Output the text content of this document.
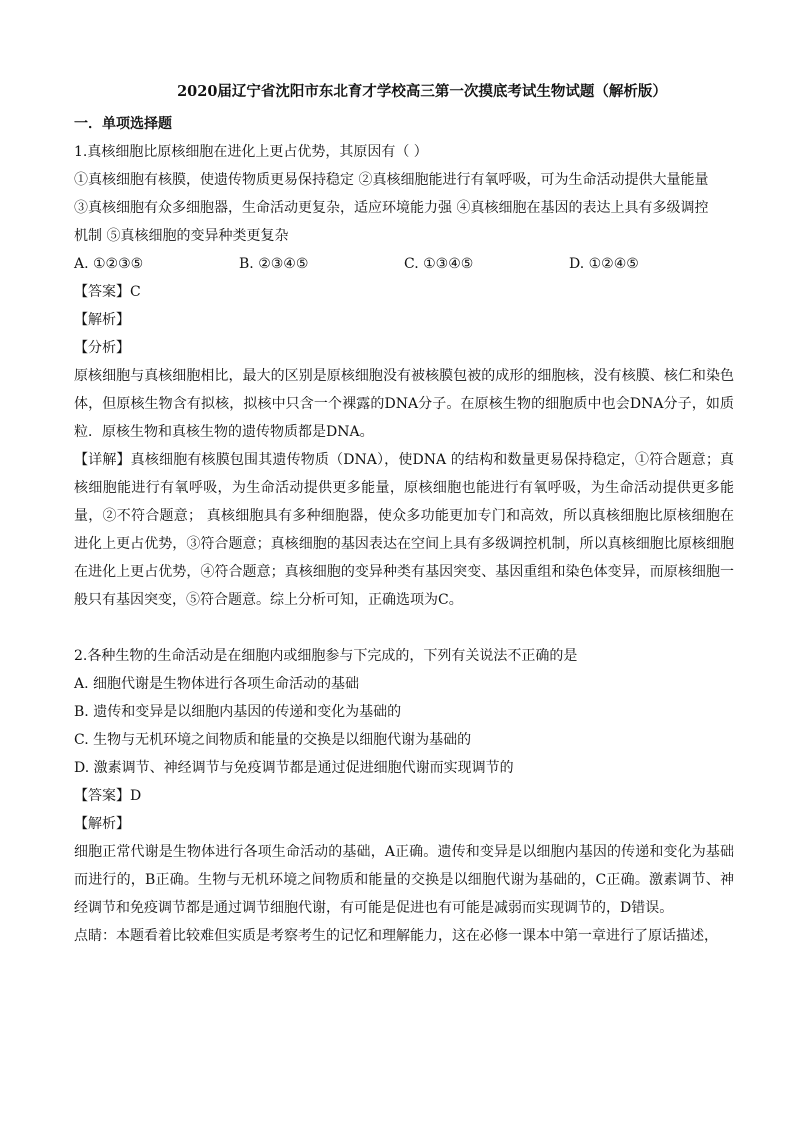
2020届辽宁省沈阳市东北育才学校高三第一次摸底考试生物试题（解析版）
一．单项选择题
1.真核细胞比原核细胞在进化上更占优势，其原因有（ ）
①真核细胞有核膜，使遗传物质更易保持稳定 ②真核细胞能进行有氧呼吸，可为生命活动提供大量能量
③真核细胞有众多细胞器，生命活动更复杂，适应环境能力强 ④真核细胞在基因的表达上具有多级调控
机制 ⑤真核细胞的变异种类更复杂
A. ①②③⑤	B. ②③④⑤	C. ①③④⑤	D. ①②④⑤
【答案】C
【解析】
【分析】
原核细胞与真核细胞相比，最大的区别是原核细胞没有被核膜包被的成形的细胞核，没有核膜、核仁和染色体，但原核生物含有拟核，拟核中只含一个裸露的DNA分子。在原核生物的细胞质中也会DNA分子，如质粒．原核生物和真核生物的遗传物质都是DNA。
【详解】真核细胞有核膜包围其遗传物质（DNA），使DNA 的结构和数量更易保持稳定，①符合题意；真核细胞能进行有氧呼吸，为生命活动提供更多能量，原核细胞也能进行有氧呼吸，为生命活动提供更多能量，②不符合题意； 真核细胞具有多种细胞器，使众多功能更加专门和高效，所以真核细胞比原核细胞在进化上更占优势，③符合题意；真核细胞的基因表达在空间上具有多级调控机制，所以真核细胞比原核细胞在进化上更占优势，④符合题意；真核细胞的变异种类有基因突变、基因重组和染色体变异，而原核细胞一般只有基因突变，⑤符合题意。综上分析可知，正确选项为C。
2.各种生物的生命活动是在细胞内或细胞参与下完成的，下列有关说法不正确的是
A. 细胞代谢是生物体进行各项生命活动的基础
B. 遗传和变异是以细胞内基因的传递和变化为基础的
C. 生物与无机环境之间物质和能量的交换是以细胞代谢为基础的
D. 激素调节、神经调节与免疫调节都是通过促进细胞代谢而实现调节的
【答案】D
【解析】
细胞正常代谢是生物体进行各项生命活动的基础，A正确。遗传和变异是以细胞内基因的传递和变化为基础而进行的，B正确。生物与无机环境之间物质和能量的交换是以细胞代谢为基础的，C正确。激素调节、神经调节和免疫调节都是通过调节细胞代谢，有可能是促进也有可能是减弱而实现调节的，D错误。
点睛：本题看着比较难但实质是考察考生的记忆和理解能力，这在必修一课本中第一章进行了原话描述，
